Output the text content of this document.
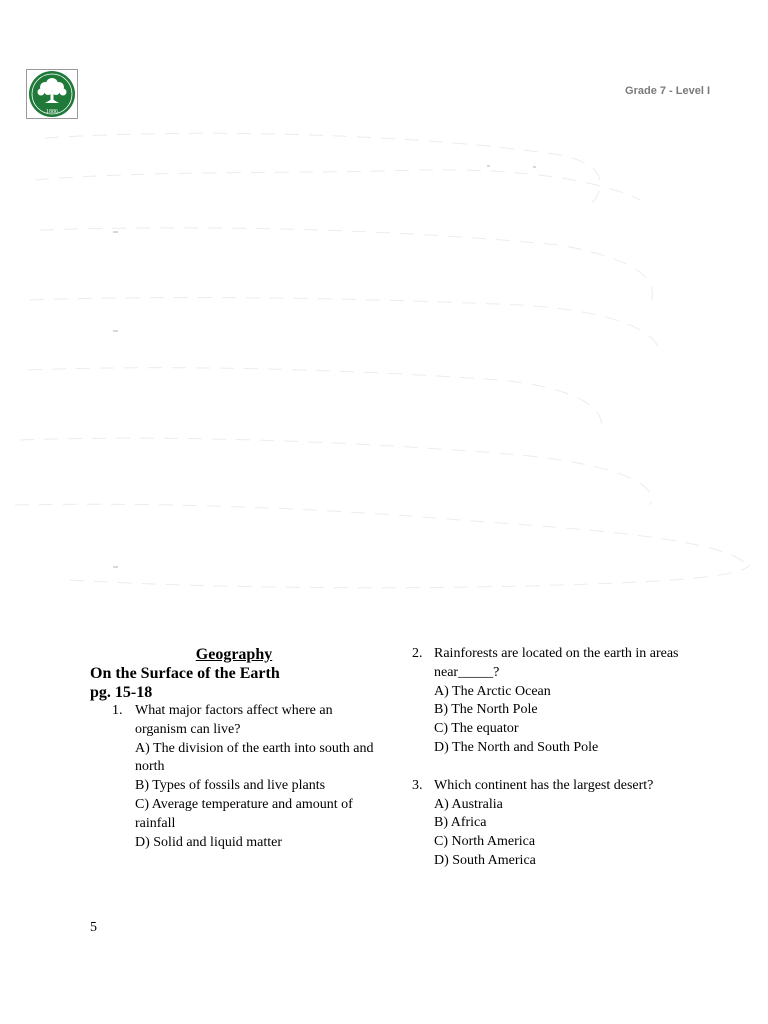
1886
Grade 7 - Level I
Geography
On the Surface of the Earth
pg. 15-18
1. What major factors affect where an organism can live?
A) The division of the earth into south and north
B) Types of fossils and live plants
C) Average temperature and amount of rainfall
D) Solid and liquid matter
2. Rainforests are located on the earth in areas near_____?
A) The Arctic Ocean
B) The North Pole
C) The equator
D) The North and South Pole
3. Which continent has the largest desert?
A) Australia
B) Africa
C) North America
D) South America
5
